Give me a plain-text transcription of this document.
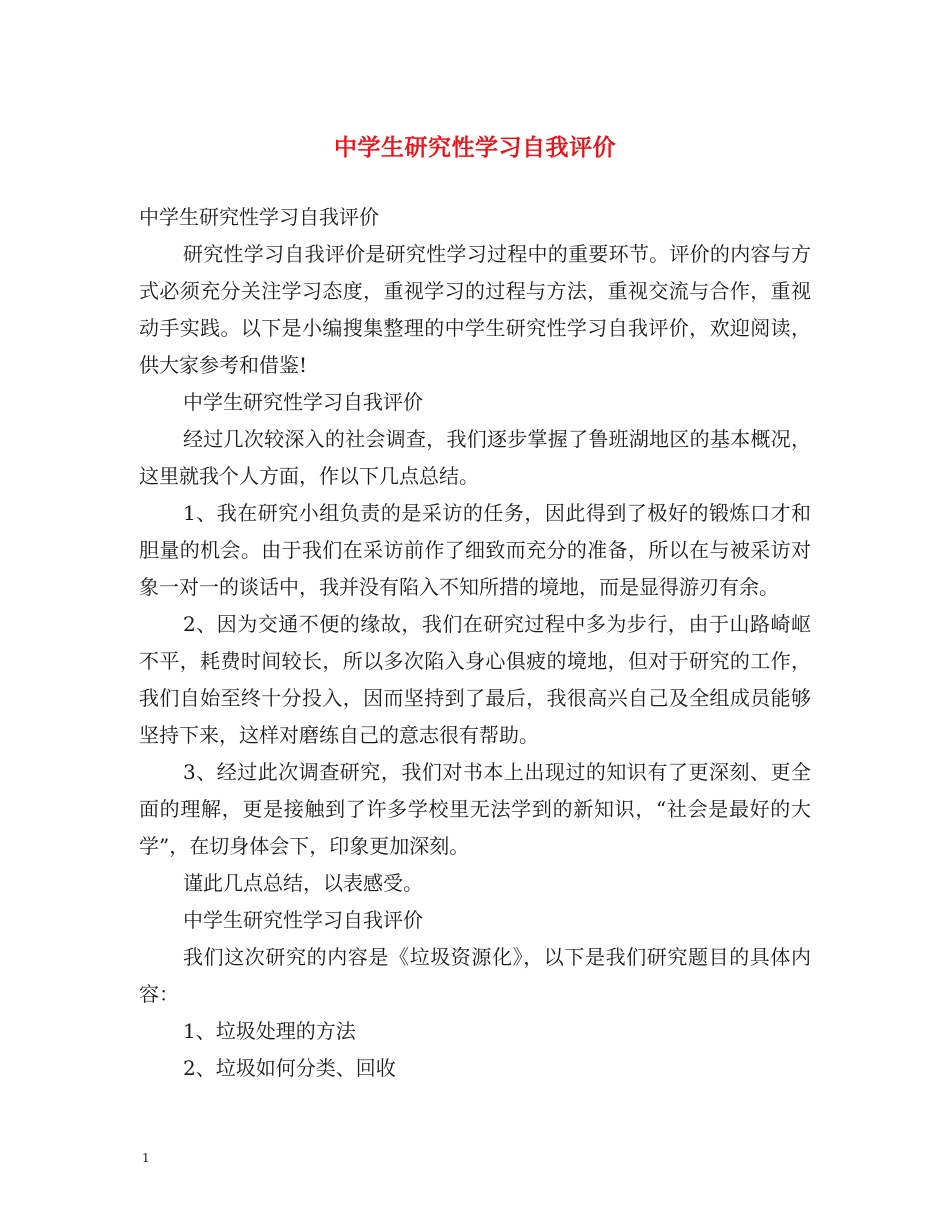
中学生研究性学习自我评价

中学生研究性学习自我评价

研究性学习自我评价是研究性学习过程中的重要环节。评价的内容与方式必须充分关注学习态度，重视学习的过程与方法，重视交流与合作，重视动手实践。以下是小编搜集整理的中学生研究性学习自我评价，欢迎阅读，供大家参考和借鉴!

中学生研究性学习自我评价

经过几次较深入的社会调查，我们逐步掌握了鲁班湖地区的基本概况，这里就我个人方面，作以下几点总结。

1、我在研究小组负责的是采访的任务，因此得到了极好的锻炼口才和胆量的机会。由于我们在采访前作了细致而充分的准备，所以在与被采访对象一对一的谈话中，我并没有陷入不知所措的境地，而是显得游刃有余。

2、因为交通不便的缘故，我们在研究过程中多为步行，由于山路崎岖不平，耗费时间较长，所以多次陷入身心俱疲的境地，但对于研究的工作，我们自始至终十分投入，因而坚持到了最后，我很高兴自己及全组成员能够坚持下来，这样对磨练自己的意志很有帮助。

3、经过此次调查研究，我们对书本上出现过的知识有了更深刻、更全面的理解，更是接触到了许多学校里无法学到的新知识，“社会是最好的大学”，在切身体会下，印象更加深刻。

谨此几点总结，以表感受。

中学生研究性学习自我评价

我们这次研究的内容是《垃圾资源化》，以下是我们研究题目的具体内容：

1、垃圾处理的方法

2、垃圾如何分类、回收

1
